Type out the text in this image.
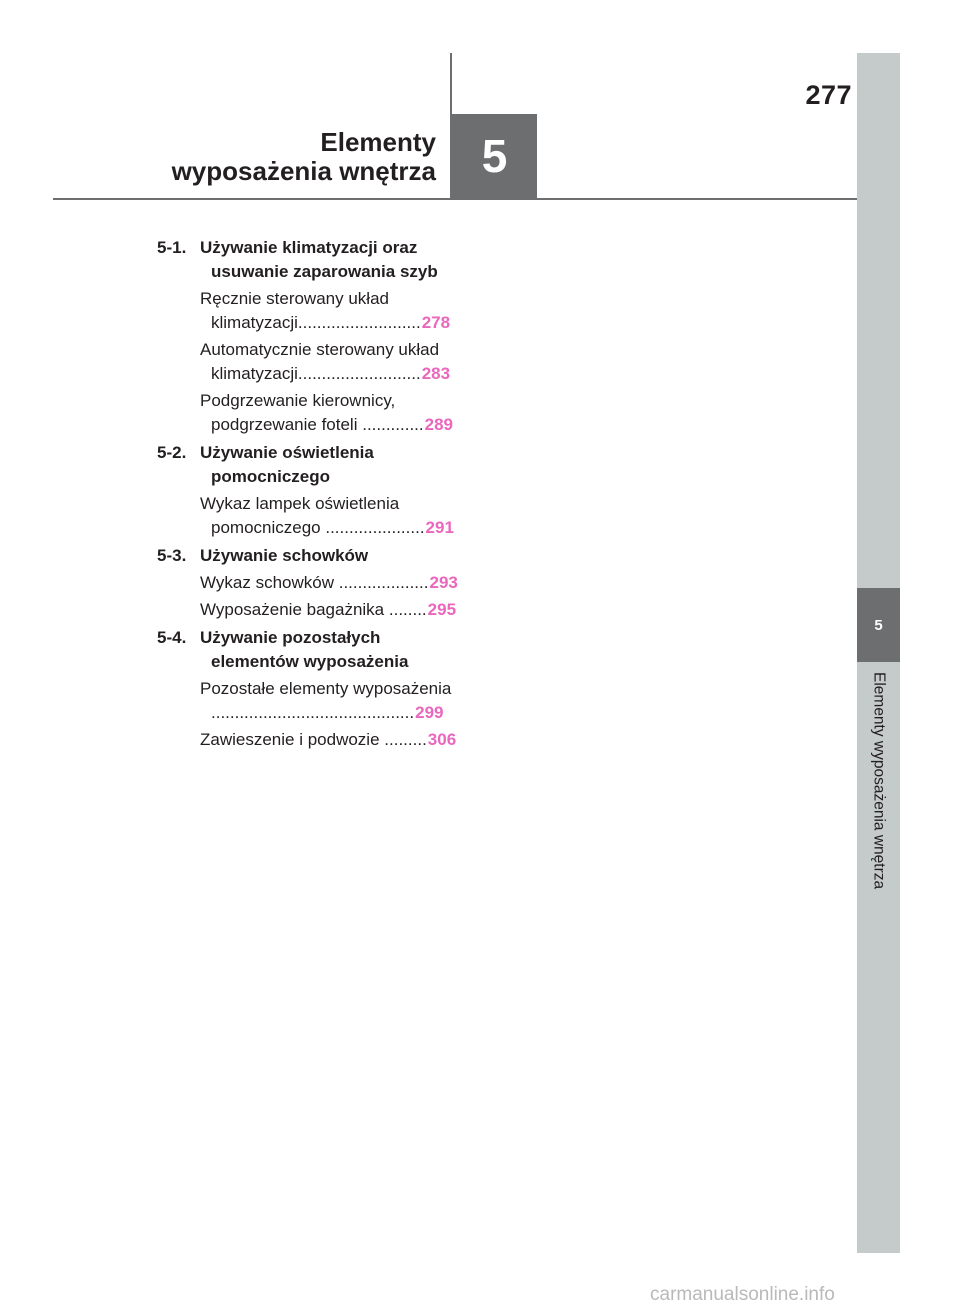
277
5
Elementy
wyposażenia wnętrza
5
Elementy wyposażenia wnętrza
5-1. Używanie klimatyzacji oraz
usuwanie zaparowania szyb
Ręcznie sterowany układ
klimatyzacji .......................... 278
Automatycznie sterowany układ
klimatyzacji .......................... 283
Podgrzewanie kierownicy,
podgrzewanie foteli
............. 289
5-2. Używanie oświetlenia
pomocniczego
Wykaz lampek oświetlenia
pomocniczego
..................... 291
5-3. Używanie schowków
Wykaz schowków
................... 293
Wyposażenie bagażnika
........ 295
5-4. Używanie pozostałych
elementów wyposażenia
Pozostałe elementy wyposażenia
........................................... 299
Zawieszenie i podwozie
......... 306
carmanualsonline.info
